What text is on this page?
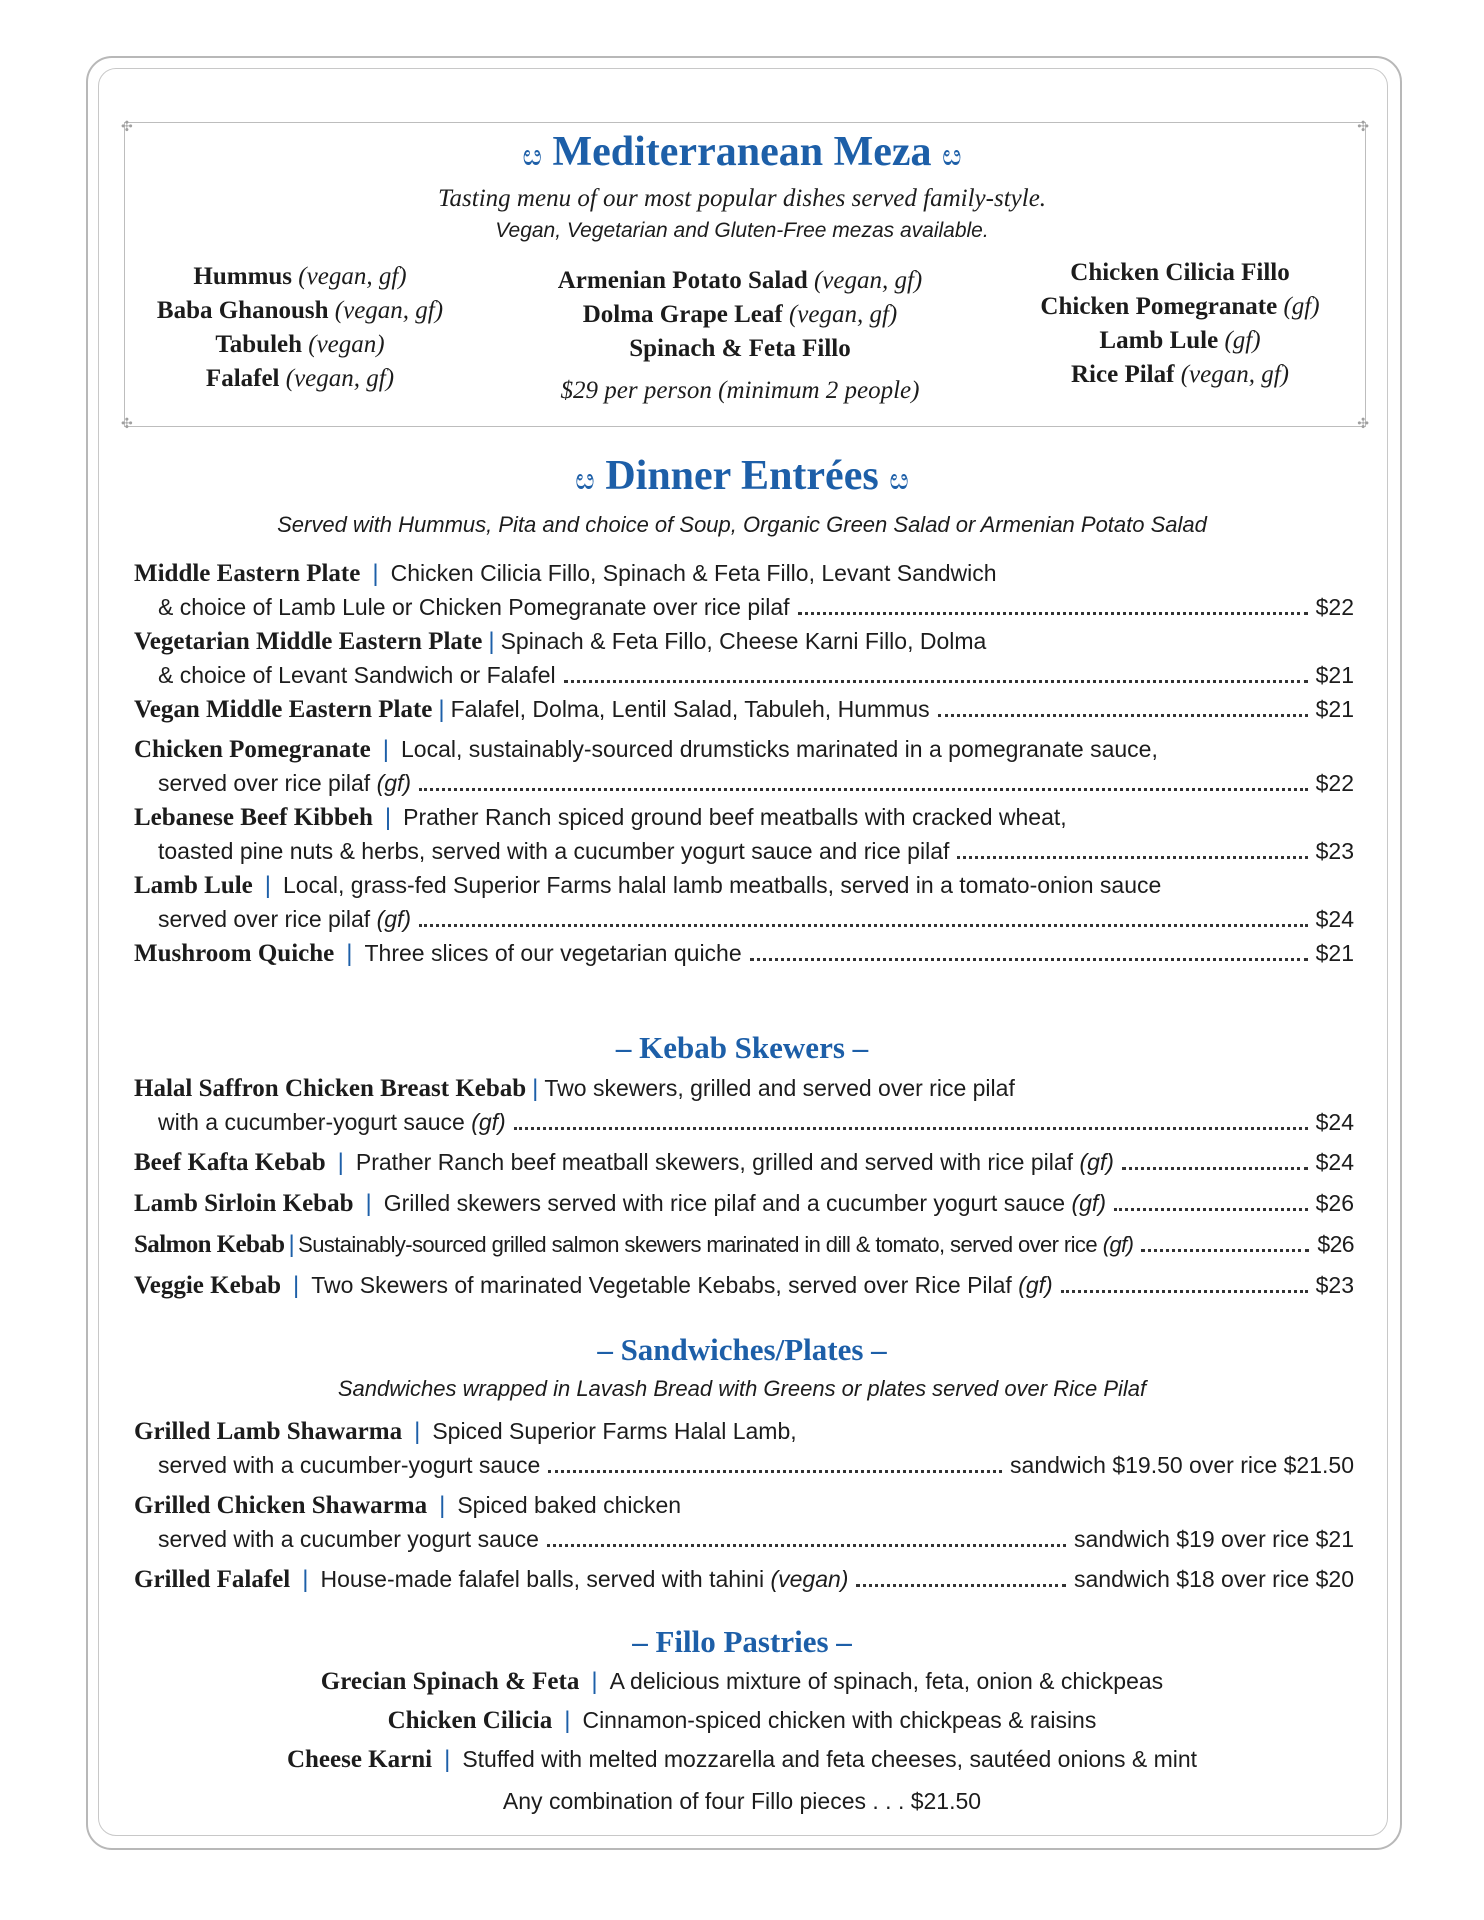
✣	✣
✣	✣
ೞ Mediterranean Meza ೞ
Tasting menu of our most popular dishes served family-style.
Vegan, Vegetarian and Gluten-Free mezas available.
Hummus (vegan, gf)
Baba Ghanoush (vegan, gf)
Tabuleh (vegan)
Falafel (vegan, gf)
Armenian Potato Salad (vegan, gf)
Dolma Grape Leaf (vegan, gf)
Spinach & Feta Fillo
$29 per person (minimum 2 people)
Chicken Cilicia Fillo
Chicken Pomegranate (gf)
Lamb Lule (gf)
Rice Pilaf (vegan, gf)
ೞ Dinner Entrées ೞ
Served with Hummus, Pita and choice of Soup, Organic Green Salad or Armenian Potato Salad
Middle Eastern Plate | Chicken Cilicia Fillo, Spinach & Feta Fillo, Levant Sandwich
& choice of Lamb Lule or Chicken Pomegranate over rice pilaf	$22
Vegetarian Middle Eastern Plate | Spinach & Feta Fillo, Cheese Karni Fillo, Dolma
& choice of Levant Sandwich or Falafel	$21
Vegan Middle Eastern Plate | Falafel, Dolma, Lentil Salad, Tabuleh, Hummus	$21
Chicken Pomegranate | Local, sustainably-sourced drumsticks marinated in a pomegranate sauce,
served over rice pilaf
(gf)	$22
Lebanese Beef Kibbeh | Prather Ranch spiced ground beef meatballs with cracked wheat,
toasted pine nuts & herbs, served with a cucumber yogurt sauce and rice pilaf	$23
Lamb Lule | Local, grass-fed Superior Farms halal lamb meatballs, served in a tomato-onion sauce
served over rice pilaf
(gf)	$24
Mushroom Quiche | Three slices of our vegetarian quiche	$21
– Kebab Skewers –
Halal Saffron Chicken Breast Kebab | Two skewers, grilled and served over rice pilaf
with a cucumber-yogurt sauce
(gf)	$24
Beef Kafta Kebab | Prather Ranch beef meatball skewers, grilled and served with rice pilaf
(gf)	$24
Lamb Sirloin Kebab | Grilled skewers served with rice pilaf and a cucumber yogurt sauce
(gf)	$26
Salmon Kebab | Sustainably-sourced grilled salmon skewers marinated in dill & tomato, served over rice
(gf)	$26
Veggie Kebab | Two Skewers of marinated Vegetable Kebabs, served over Rice Pilaf
(gf)	$23
– Sandwiches/Plates –
Sandwiches wrapped in Lavash Bread with Greens or plates served over Rice Pilaf
Grilled Lamb Shawarma | Spiced Superior Farms Halal Lamb,
served with a cucumber-yogurt sauce	sandwich $19.50 over rice $21.50
Grilled Chicken Shawarma | Spiced baked chicken
served with a cucumber yogurt sauce	sandwich $19 over rice $21
Grilled Falafel | House-made falafel balls, served with tahini
(vegan)	sandwich $18 over rice $20
– Fillo Pastries –
Grecian Spinach & Feta | A delicious mixture of spinach, feta, onion & chickpeas
Chicken Cilicia | Cinnamon-spiced chicken with chickpeas & raisins
Cheese Karni | Stuffed with melted mozzarella and feta cheeses, sautéed onions & mint
Any combination of four Fillo pieces . . . $21.50
